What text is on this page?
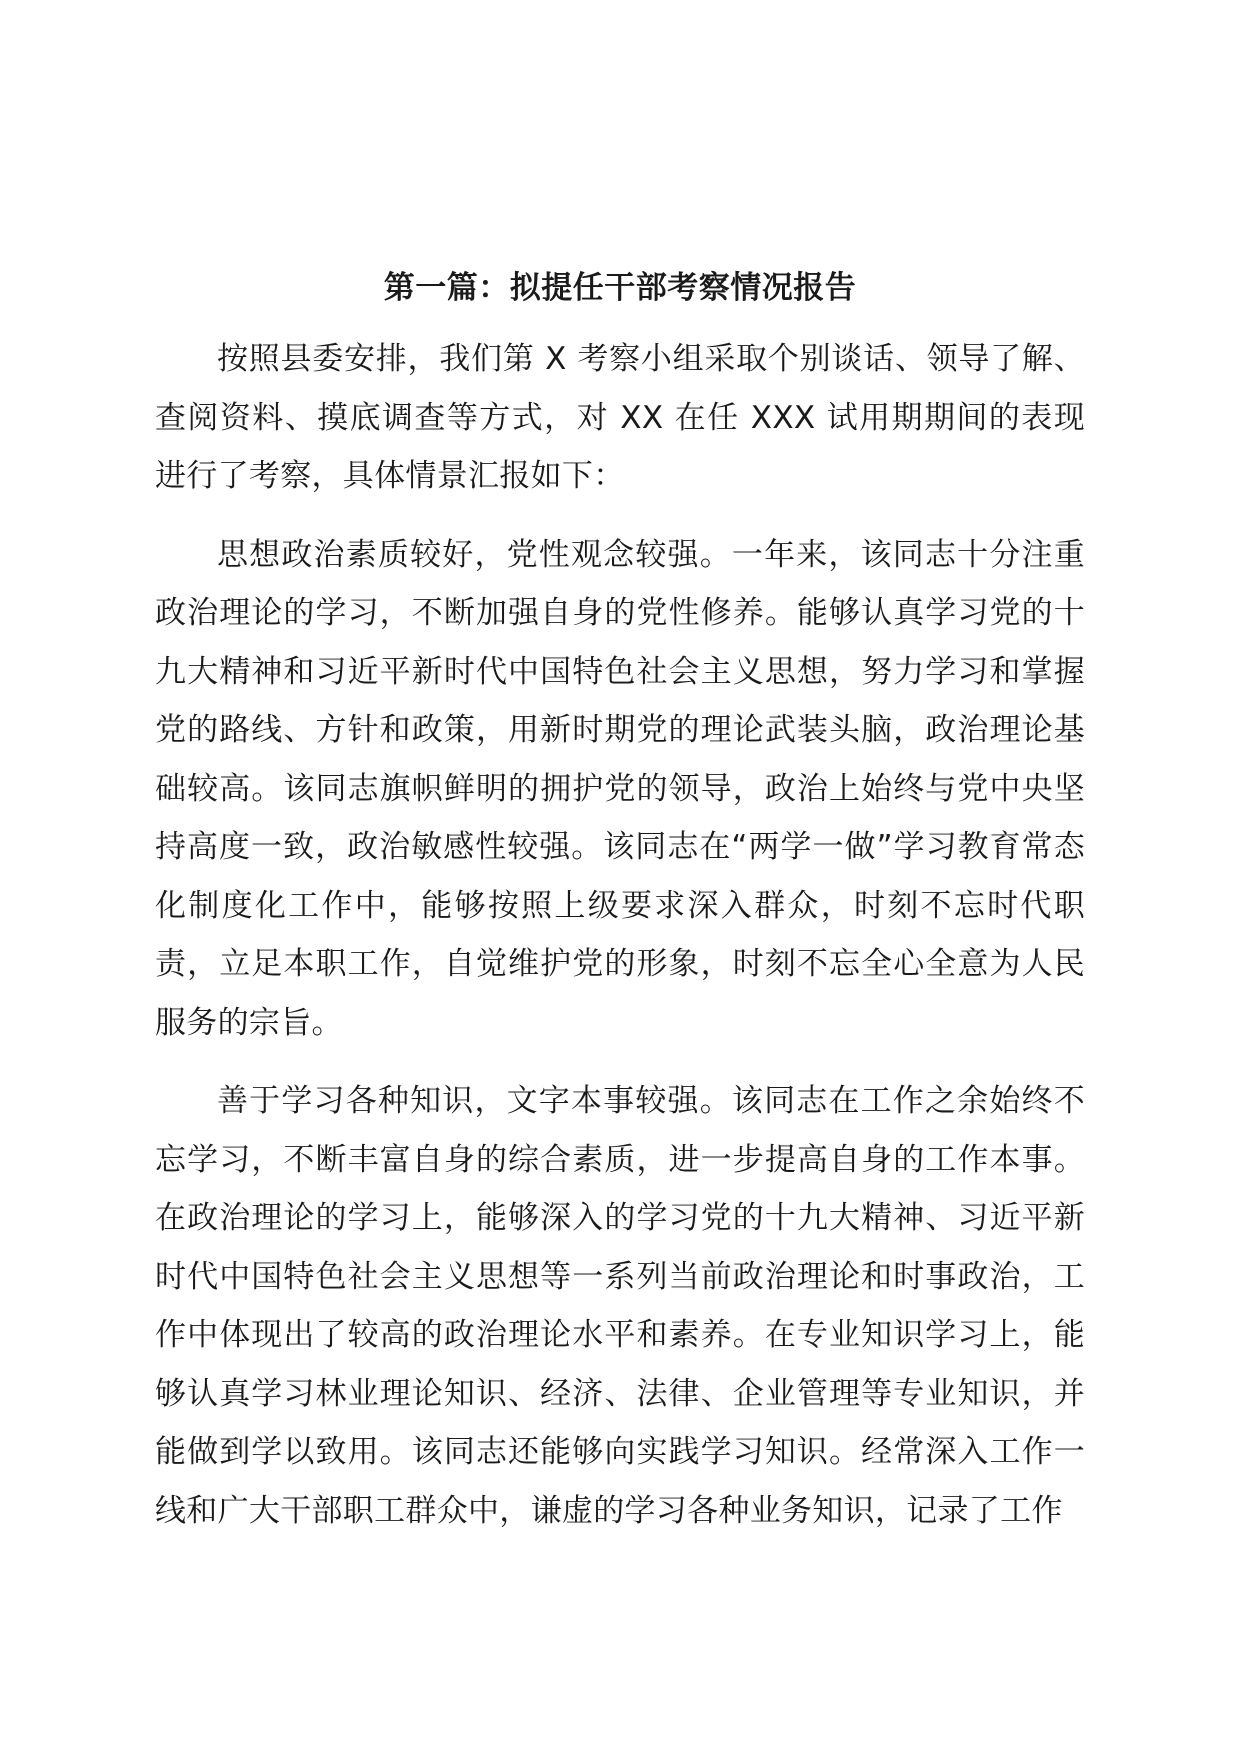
第一篇：拟提任干部考察情况报告

按照县委安排，我们第 X 考察小组采取个别谈话、领导了解、查阅资料、摸底调查等方式，对 XX 在任 XXX 试用期期间的表现进行了考察，具体情景汇报如下：

思想政治素质较好，党性观念较强。一年来，该同志十分注重政治理论的学习，不断加强自身的党性修养。能够认真学习党的十九大精神和习近平新时代中国特色社会主义思想，努力学习和掌握党的路线、方针和政策，用新时期党的理论武装头脑，政治理论基础较高。该同志旗帜鲜明的拥护党的领导，政治上始终与党中央坚持高度一致，政治敏感性较强。该同志在“两学一做”学习教育常态化制度化工作中，能够按照上级要求深入群众，时刻不忘时代职责，立足本职工作，自觉维护党的形象，时刻不忘全心全意为人民服务的宗旨。

善于学习各种知识，文字本事较强。该同志在工作之余始终不忘学习，不断丰富自身的综合素质，进一步提高自身的工作本事。在政治理论的学习上，能够深入的学习党的十九大精神、习近平新时代中国特色社会主义思想等一系列当前政治理论和时事政治，工作中体现出了较高的政治理论水平和素养。在专业知识学习上，能够认真学习林业理论知识、经济、法律、企业管理等专业知识，并能做到学以致用。该同志还能够向实践学习知识。经常深入工作一线和广大干部职工群众中，谦虚的学习各种业务知识，记录了工作
